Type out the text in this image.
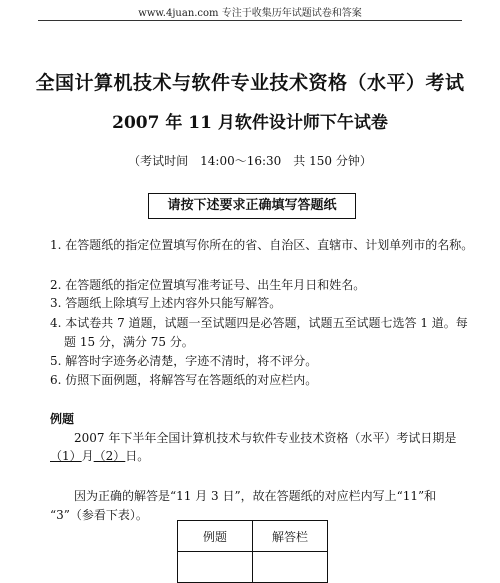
www.4juan.com 专注于收集历年试题试卷和答案
全国计算机技术与软件专业技术资格（水平）考试
2007 年 11 月软件设计师下午试卷
（考试时间　14:00～16:30　共 150 分钟）
请按下述要求正确填写答题纸
1. 在答题纸的指定位置填写你所在的省、自治区、直辖市、计划单列市的名称。
2. 在答题纸的指定位置填写准考证号、出生年月日和姓名。
3. 答题纸上除填写上述内容外只能写解答。
4. 本试卷共 7 道题，试题一至试题四是必答题，试题五至试题七选答 1 道。每
题 15 分，满分 75 分。
5. 解答时字迹务必清楚，字迹不清时，将不评分。
6. 仿照下面例题，将解答写在答题纸的对应栏内。
例题
2007 年下半年全国计算机技术与软件专业技术资格（水平）考试日期是
（1）月（2）日。
因为正确的解答是“11 月 3 日”，故在答题纸的对应栏内写上“11”和
“3”（参看下表）。
例题	解答栏
